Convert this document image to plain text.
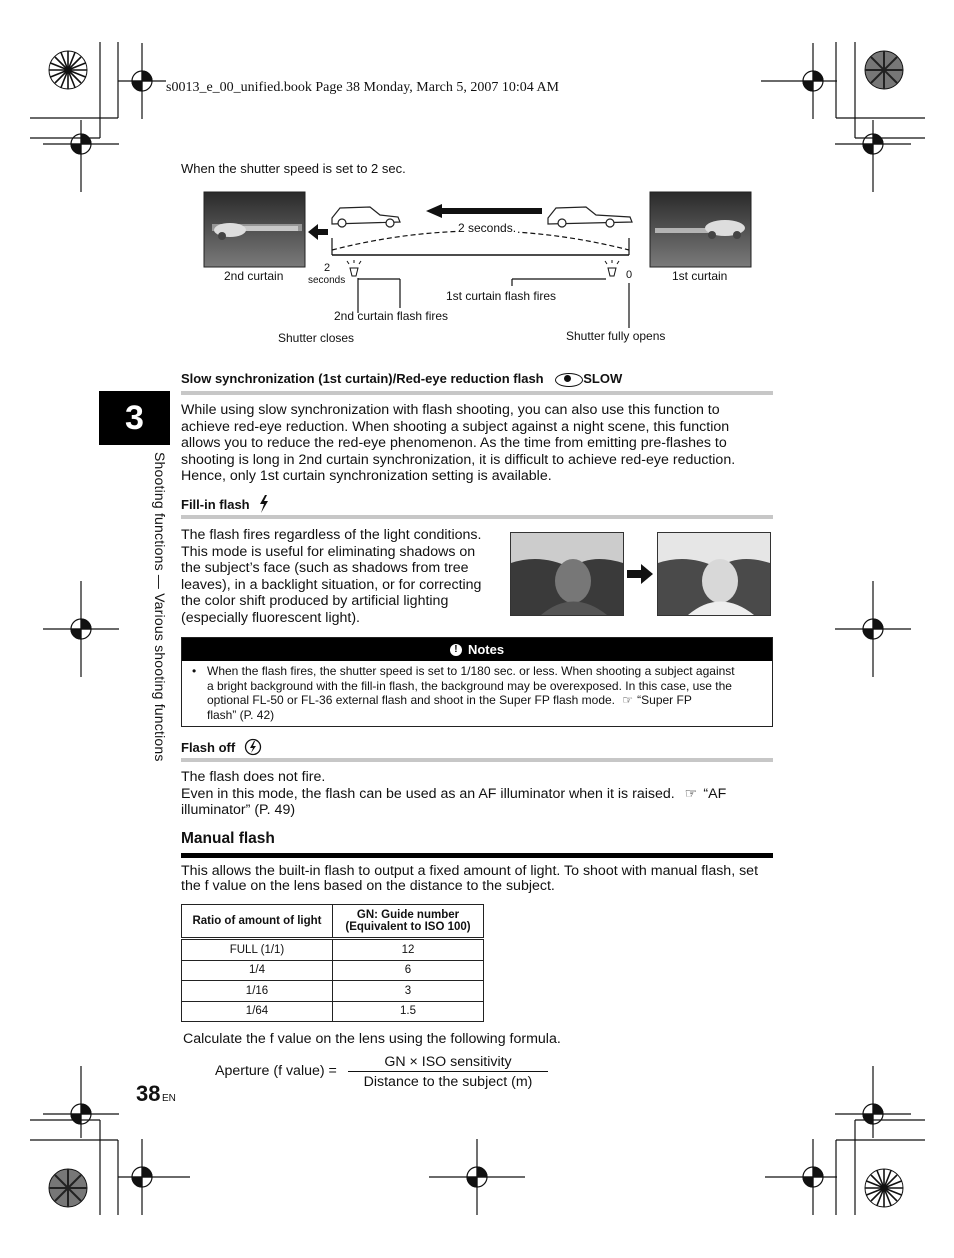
s0013_e_00_unified.book Page 38 Monday, March 5, 2007 10:04 AM
3
Shooting functions — Various shooting functions
When the shutter speed is set to 2 sec.
2 seconds.
2nd curtain	1st curtain
2
seconds	0
1st curtain flash fires
2nd curtain flash fires
Shutter closes	Shutter fully opens
Slow synchronization (1st curtain)/Red-eye reduction flash	SLOW
While using slow synchronization with flash shooting, you can also use this function to
achieve red-eye reduction. When shooting a subject against a night scene, this function
allows you to reduce the red-eye phenomenon. As the time from emitting pre-flashes to
shooting is long in 2nd curtain synchronization, it is difficult to achieve red-eye reduction.
Hence, only 1st curtain synchronization setting is available.
Fill-in flash
The flash fires regardless of the light conditions.
This mode is useful for eliminating shadows on
the subject’s face (such as shadows from tree
leaves), in a backlight situation, or for correcting
the color shift produced by artificial lighting
(especially fluorescent light).
! Notes
• When the flash fires, the shutter speed is set to 1/180 sec. or less. When shooting a subject against
a bright background with the fill-in flash, the background may be overexposed. In this case, use the
optional FL-50 or FL-36 external flash and shoot in the Super FP flash mode. ☞ “Super FP
flash” (P. 42)
Flash off
The flash does not fire.
Even in this mode, the flash can be used as an AF illuminator when it is raised. ☞ “AF
illuminator” (P. 49)
Manual flash
This allows the built-in flash to output a fixed amount of light. To shoot with manual flash, set
the f value on the lens based on the distance to the subject.
Ratio of amount of light	GN: Guide number
(Equivalent to ISO 100)

FULL (1/1)	12
1/4	6
1/16	3
1/64	1.5
Calculate the f value on the lens using the following formula.
Aperture (f value) =
GN × ISO sensitivity
Distance to the subject (m)
38 EN
